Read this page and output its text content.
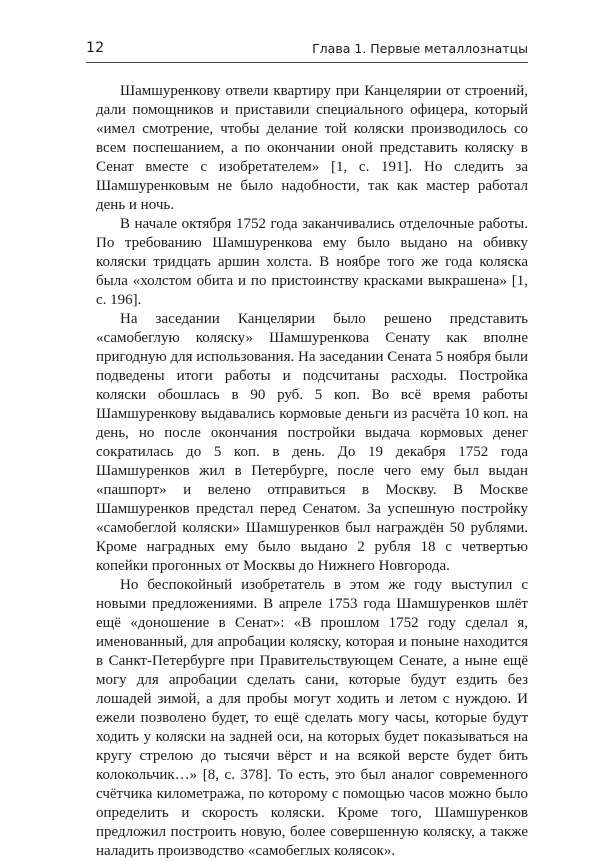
12	Глава 1. Первые металлознатцы

Шамшуренкову отвели квартиру при Канцелярии от строений, дали помощников и приставили специального офицера, который «имел смотрение, чтобы делание той коляски производилось со всем поспешанием, а по окончании оной представить коляску в Сенат вместе с изобретателем» [1, с. 191]. Но следить за Шамшуренковым не было надобности, так как мастер работал день и ночь.

В начале октября 1752 года заканчивались отделочные работы. По требованию Шамшуренкова ему было выдано на обивку коляски тридцать аршин холста. В ноябре того же года коляска была «холстом обита и по пристоинству красками выкрашена» [1, с. 196].

На заседании Канцелярии было решено представить «самобеглую коляску» Шамшуренкова Сенату как вполне пригодную для использования. На заседании Сената 5 ноября были подведены итоги работы и подсчитаны расходы. Постройка коляски обошлась в 90 руб. 5 коп. Во всё время работы Шамшуренкову выдавались кормовые деньги из расчёта 10 коп. на день, но после окончания постройки выдача кормовых денег сократилась до 5 коп. в день. До 19 декабря 1752 года Шамшуренков жил в Петербурге, после чего ему был выдан «пашпорт» и велено отправиться в Москву. В Москве Шамшуренков предстал перед Сенатом. За успешную постройку «самобеглой коляски» Шамшуренков был награждён 50 рублями. Кроме наградных ему было выдано 2 рубля 18 с четвертью копейки прогонных от Москвы до Нижнего Новгорода.

Но беспокойный изобретатель в этом же году выступил с новыми предложениями. В апреле 1753 года Шамшуренков шлёт ещё «доношение в Сенат»: «В прошлом 1752 году сделал я, именованный, для апробации коляску, которая и поныне находится в Санкт-Петербурге при Правительствующем Сенате, а ныне ещё могу для апробации сделать сани, которые будут ездить без лошадей зимой, а для пробы могут ходить и летом с нуждою. И ежели позволено будет, то ещё сделать могу часы, которые будут ходить у коляски на задней оси, на которых будет показываться на кругу стрелою до тысячи вёрст и на всякой версте будет бить колокольчик…» [8, с. 378]. То есть, это был аналог современного счётчика километража, по которому с помощью часов можно было определить и скорость коляски. Кроме того, Шамшуренков предложил построить новую, более совершенную коляску, а также наладить производство «самобеглых колясок».
